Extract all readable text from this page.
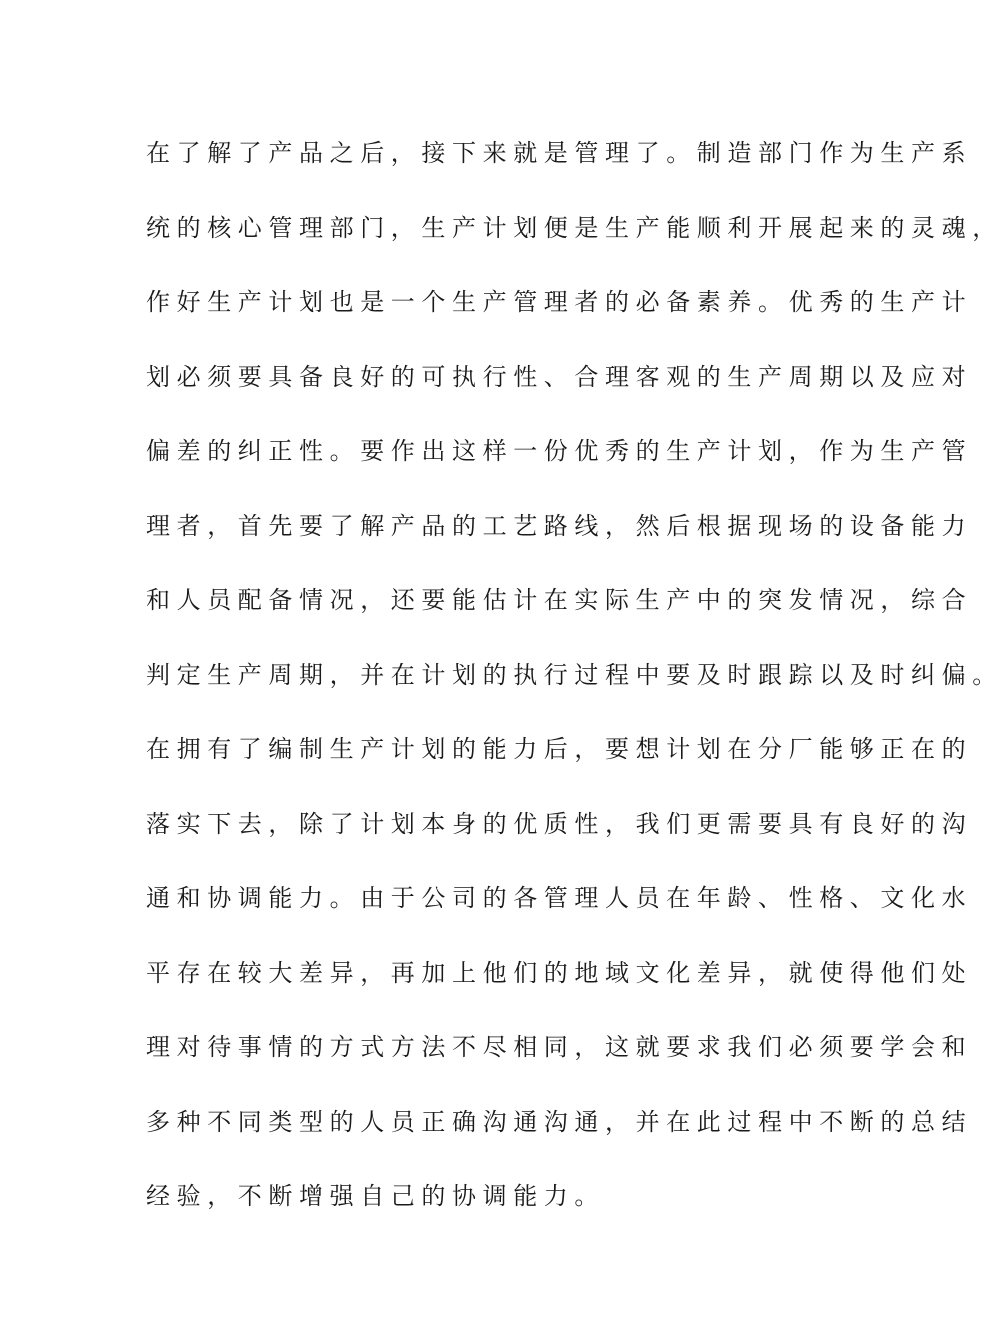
在了解了产品之后，接下来就是管理了。制造部门作为生产系
统的核心管理部门，生产计划便是生产能顺利开展起来的灵魂，
作好生产计划也是一个生产管理者的必备素养。优秀的生产计
划必须要具备良好的可执行性、合理客观的生产周期以及应对
偏差的纠正性。要作出这样一份优秀的生产计划，作为生产管
理者，首先要了解产品的工艺路线，然后根据现场的设备能力
和人员配备情况，还要能估计在实际生产中的突发情况，综合
判定生产周期，并在计划的执行过程中要及时跟踪以及时纠偏。
在拥有了编制生产计划的能力后，要想计划在分厂能够正在的
落实下去，除了计划本身的优质性，我们更需要具有良好的沟
通和协调能力。由于公司的各管理人员在年龄、性格、文化水
平存在较大差异，再加上他们的地域文化差异，就使得他们处
理对待事情的方式方法不尽相同，这就要求我们必须要学会和
多种不同类型的人员正确沟通沟通，并在此过程中不断的总结
经验，不断增强自己的协调能力。
